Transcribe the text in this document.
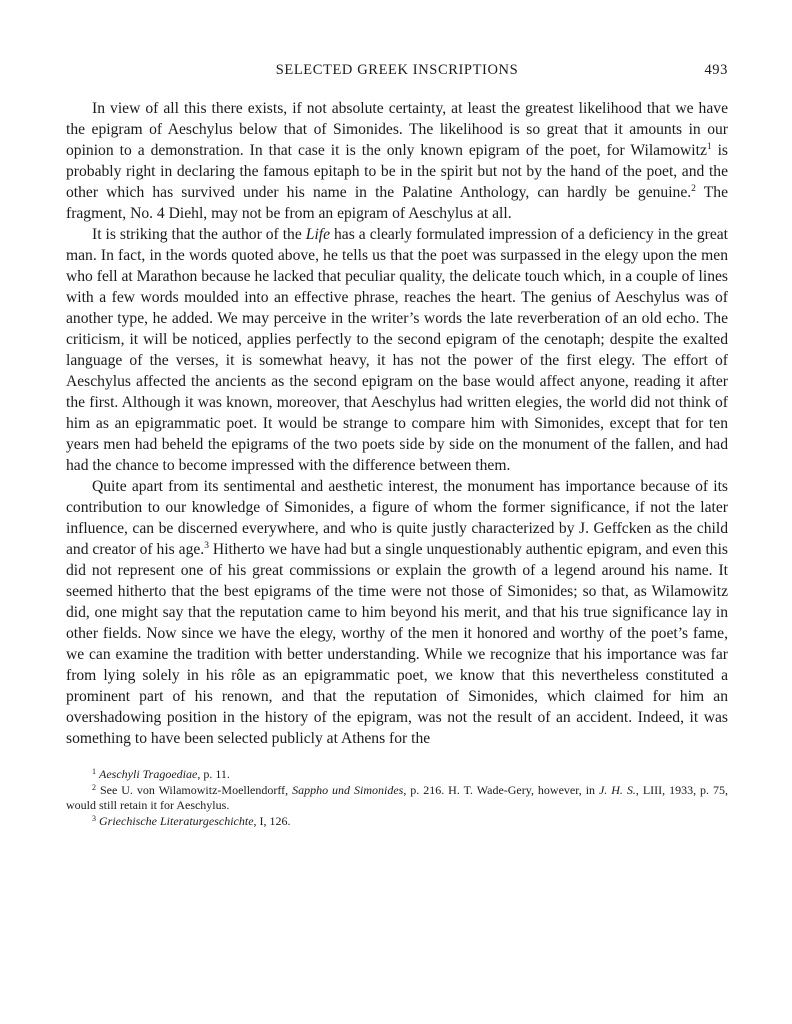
SELECTED GREEK INSCRIPTIONS	493

In view of all this there exists, if not absolute certainty, at least the greatest likelihood that we have the epigram of Aeschylus below that of Simonides. The likelihood is so great that it amounts in our opinion to a demonstration. In that case it is the only known epigram of the poet, for Wilamowitz$^1$ is probably right in declaring the famous epitaph to be in the spirit but not by the hand of the poet, and the other which has survived under his name in the Palatine Anthology, can hardly be genuine.$^2$ The fragment, No. 4 Diehl, may not be from an epigram of Aeschylus at all.

It is striking that the author of the Life has a clearly formulated impression of a deficiency in the great man. In fact, in the words quoted above, he tells us that the poet was surpassed in the elegy upon the men who fell at Marathon because he lacked that peculiar quality, the delicate touch which, in a couple of lines with a few words moulded into an effective phrase, reaches the heart. The genius of Aeschylus was of another type, he added. We may perceive in the writer’s words the late reverberation of an old echo. The criticism, it will be noticed, applies perfectly to the second epigram of the cenotaph; despite the exalted language of the verses, it is somewhat heavy, it has not the power of the first elegy. The effort of Aeschylus affected the ancients as the second epigram on the base would affect anyone, reading it after the first. Although it was known, moreover, that Aeschylus had written elegies, the world did not think of him as an epigrammatic poet. It would be strange to compare him with Simonides, except that for ten years men had beheld the epigrams of the two poets side by side on the monument of the fallen, and had had the chance to become impressed with the difference between them.

Quite apart from its sentimental and aesthetic interest, the monument has importance because of its contribution to our knowledge of Simonides, a figure of whom the former significance, if not the later influence, can be discerned everywhere, and who is quite justly characterized by J. Geffcken as the child and creator of his age.$^3$ Hitherto we have had but a single unquestionably authentic epigram, and even this did not represent one of his great commissions or explain the growth of a legend around his name. It seemed hitherto that the best epigrams of the time were not those of Simonides; so that, as Wilamowitz did, one might say that the reputation came to him beyond his merit, and that his true significance lay in other fields. Now since we have the elegy, worthy of the men it honored and worthy of the poet’s fame, we can examine the tradition with better understanding. While we recognize that his importance was far from lying solely in his rôle as an epigrammatic poet, we know that this nevertheless constituted a prominent part of his renown, and that the reputation of Simonides, which claimed for him an overshadowing position in the history of the epigram, was not the result of an accident. Indeed, it was something to have been selected publicly at Athens for the

$^1$ Aeschyli Tragoediae, p. 11.

$^2$ See U. von Wilamowitz-Moellendorff, Sappho und Simonides, p. 216. H. T. Wade-Gery, however, in J. H. S., LIII, 1933, p. 75, would still retain it for Aeschylus.

$^3$ Griechische Literaturgeschichte, I, 126.
